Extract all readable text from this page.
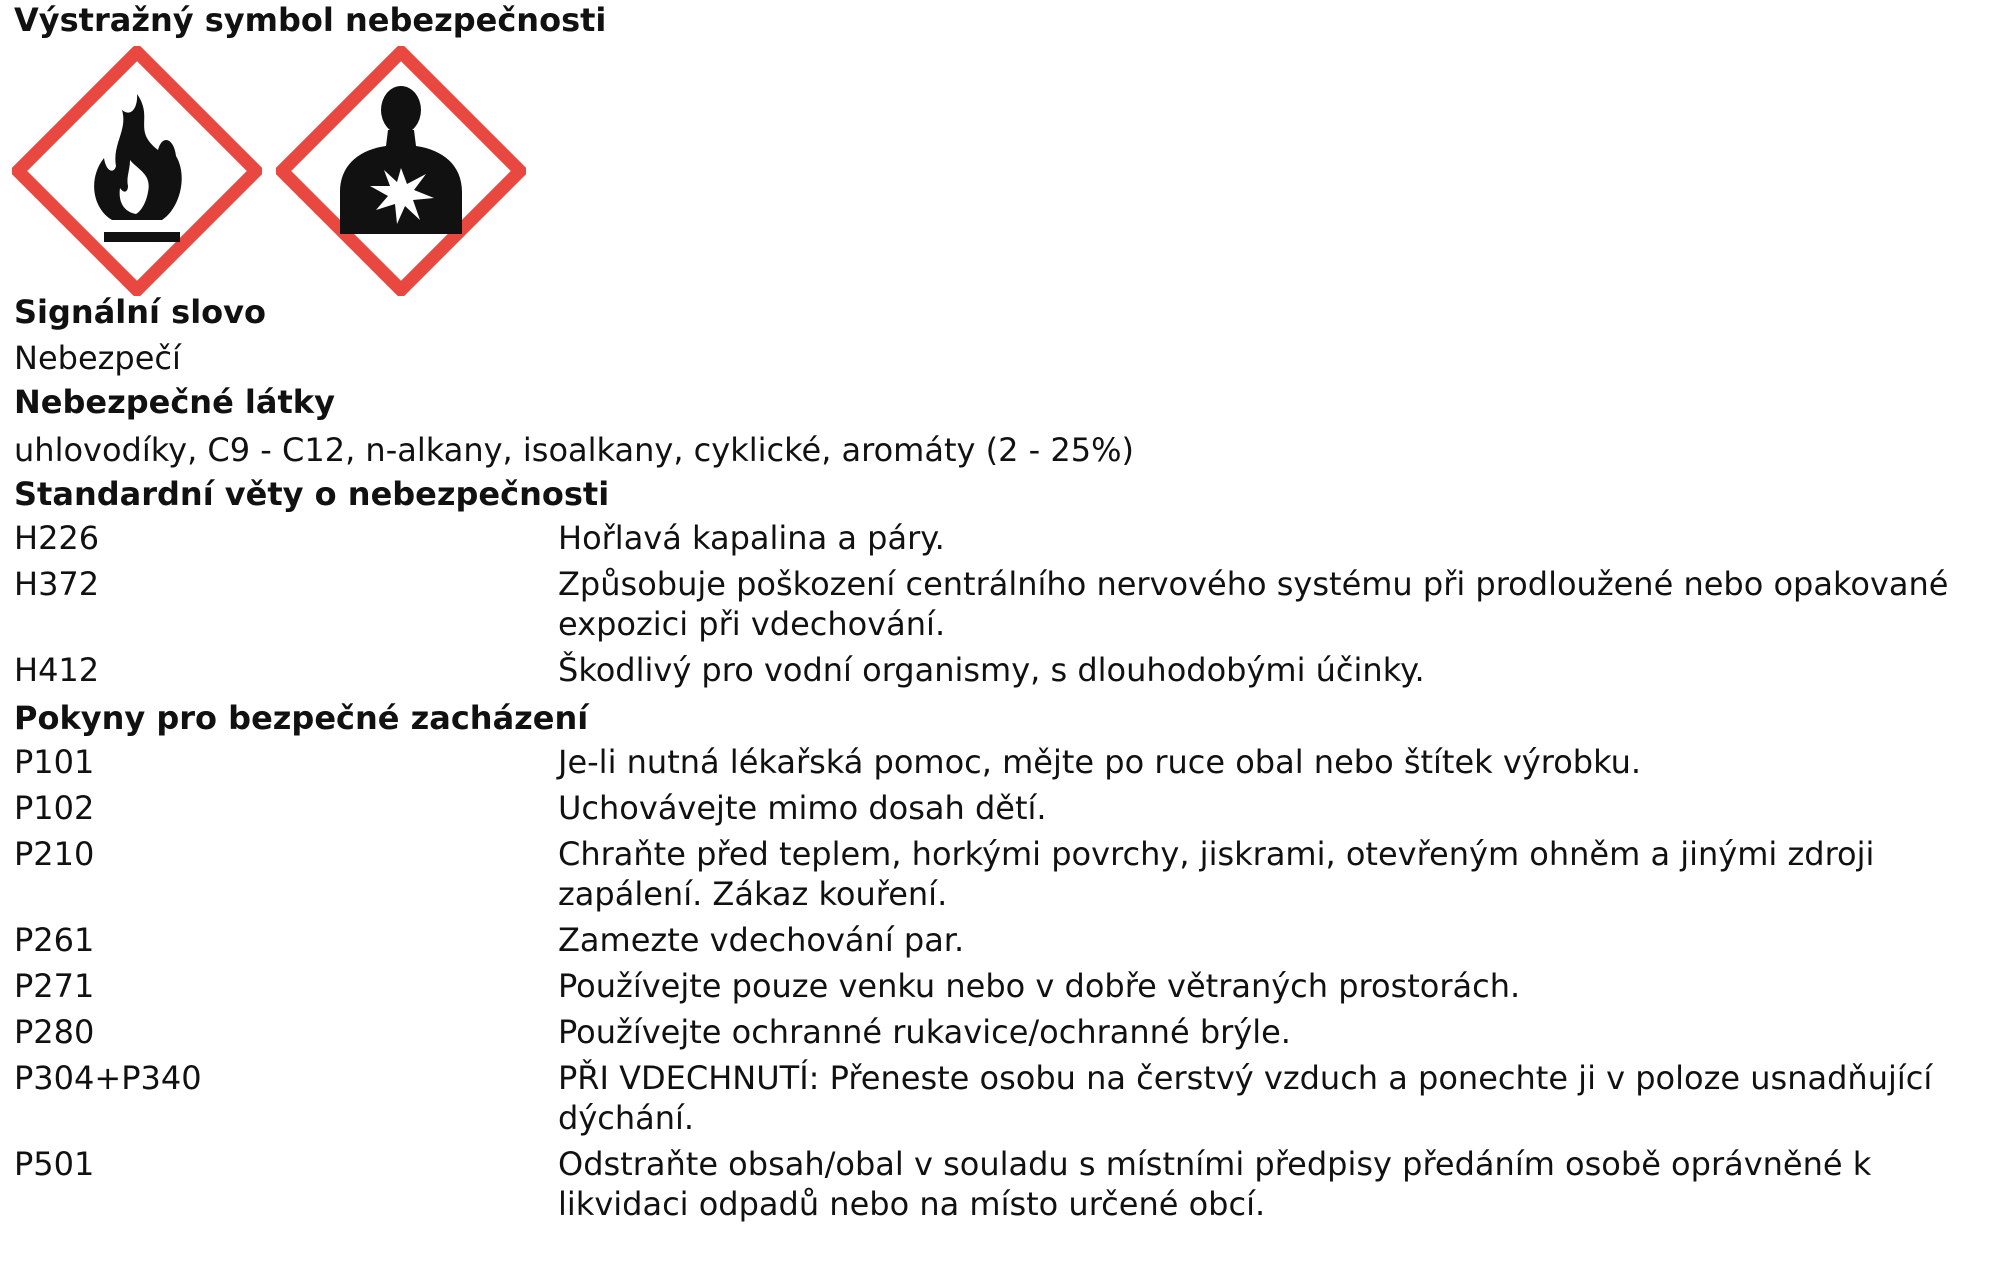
Výstražný symbol nebezpečnosti
Signální slovo
Nebezpečí
Nebezpečné látky
uhlovodíky, C9 - C12, n-alkany, isoalkany, cyklické, aromáty (2 - 25%)
Standardní věty o nebezpečnosti
H226	Hořlavá kapalina a páry.
H372	Způsobuje poškození centrálního nervového systému při prodloužené nebo opakované expozici při vdechování.
H412	Škodlivý pro vodní organismy, s dlouhodobými účinky.
Pokyny pro bezpečné zacházení
P101	Je-li nutná lékařská pomoc, mějte po ruce obal nebo štítek výrobku.
P102	Uchovávejte mimo dosah dětí.
P210	Chraňte před teplem, horkými povrchy, jiskrami, otevřeným ohněm a jinými zdroji zapálení. Zákaz kouření.
P261	Zamezte vdechování par.
P271	Používejte pouze venku nebo v dobře větraných prostorách.
P280	Používejte ochranné rukavice/ochranné brýle.
P304+P340	PŘI VDECHNUTÍ: Přeneste osobu na čerstvý vzduch a ponechte ji v poloze usnadňující dýchání.
P501	Odstraňte obsah/obal v souladu s místními předpisy předáním osobě oprávněné k likvidaci odpadů nebo na místo určené obcí.
